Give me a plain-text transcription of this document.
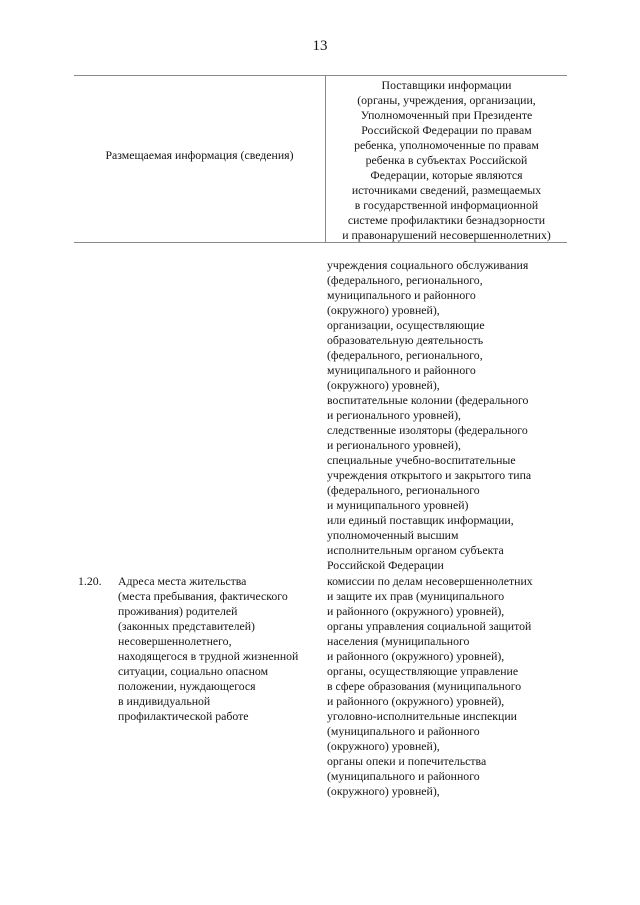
13
Размещаемая информация (сведения)
Поставщики информации
(органы, учреждения, организации,
Уполномоченный при Президенте
Российской Федерации по правам
ребенка, уполномоченные по правам
ребенка в субъектах Российской
Федерации, которые являются
источниками сведений, размещаемых
в государственной информационной
системе профилактики безнадзорности
и правонарушений несовершеннолетних)
учреждения социального обслуживания
(федерального, регионального,
муниципального и районного
(окружного) уровней),
организации, осуществляющие
образовательную деятельность
(федерального, регионального,
муниципального и районного
(окружного) уровней),
воспитательные колонии (федерального
и регионального уровней),
следственные изоляторы (федерального
и регионального уровней),
специальные учебно-воспитательные
учреждения открытого и закрытого типа
(федерального, регионального
и муниципального уровней)
или единый поставщик информации,
уполномоченный высшим
исполнительным органом субъекта
Российской Федерации
1.20. Адреса места жительства
(места пребывания, фактического
проживания) родителей
(законных представителей)
несовершеннолетнего,
находящегося в трудной жизненной
ситуации, социально опасном
положении, нуждающегося
в индивидуальной
профилактической работе
комиссии по делам несовершеннолетних
и защите их прав (муниципального
и районного (окружного) уровней),
органы управления социальной защитой
населения (муниципального
и районного (окружного) уровней),
органы, осуществляющие управление
в сфере образования (муниципального
и районного (окружного) уровней),
уголовно-исполнительные инспекции
(муниципального и районного
(окружного) уровней),
органы опеки и попечительства
(муниципального и районного
(окружного) уровней),
